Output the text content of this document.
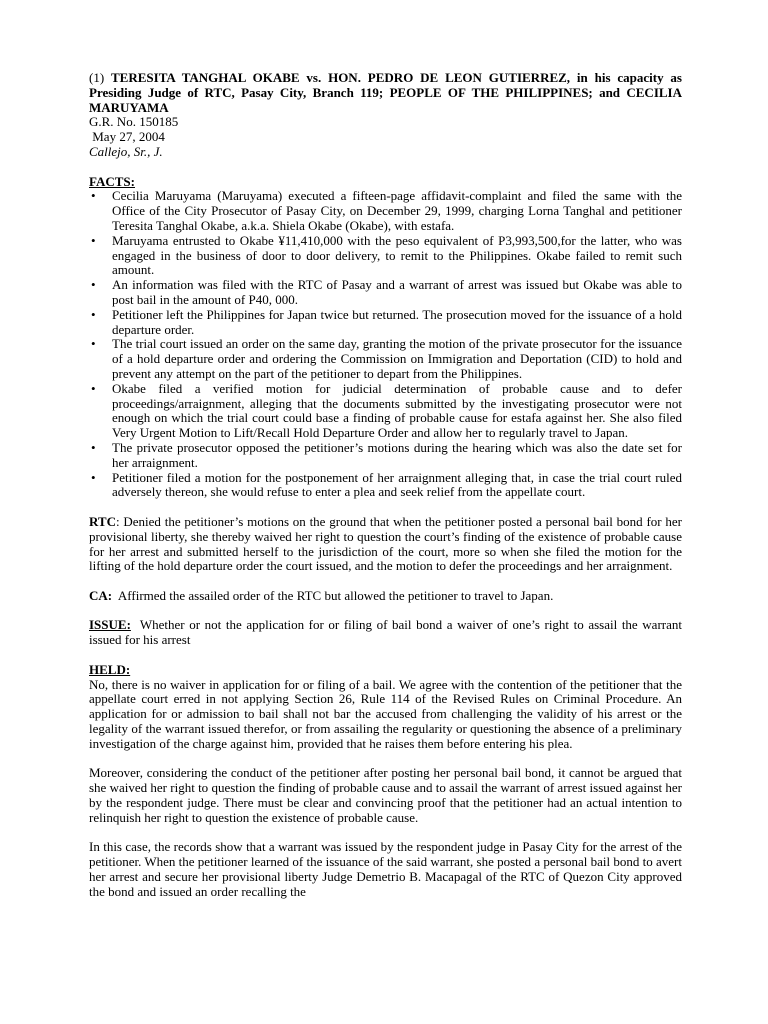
(1) TERESITA TANGHAL OKABE vs. HON. PEDRO DE LEON GUTIERREZ, in his capacity as Presiding Judge of RTC, Pasay City, Branch 119; PEOPLE OF THE PHILIPPINES; and CECILIA MARUYAMA

G.R. No. 150185

May 27, 2004

Callejo, Sr., J.

FACTS:

• Cecilia Maruyama (Maruyama) executed a fifteen-page affidavit-complaint and filed the same with the Office of the City Prosecutor of Pasay City, on December 29, 1999, charging Lorna Tanghal and petitioner Teresita Tanghal Okabe, a.k.a. Shiela Okabe (Okabe), with estafa.
• Maruyama entrusted to Okabe ¥11,410,000 with the peso equivalent of P3,993,500,for the latter, who was engaged in the business of door to door delivery, to remit to the Philippines. Okabe failed to remit such amount.
• An information was filed with the RTC of Pasay and a warrant of arrest was issued but Okabe was able to post bail in the amount of P40, 000.
• Petitioner left the Philippines for Japan twice but returned. The prosecution moved for the issuance of a hold departure order.
• The trial court issued an order on the same day, granting the motion of the private prosecutor for the issuance of a hold departure order and ordering the Commission on Immigration and Deportation (CID) to hold and prevent any attempt on the part of the petitioner to depart from the Philippines.
• Okabe filed a verified motion for judicial determination of probable cause and to defer proceedings/arraignment, alleging that the documents submitted by the investigating prosecutor were not enough on which the trial court could base a finding of probable cause for estafa against her. She also filed Very Urgent Motion to Lift/Recall Hold Departure Order and allow her to regularly travel to Japan.
• The private prosecutor opposed the petitioner’s motions during the hearing which was also the date set for her arraignment.
• Petitioner filed a motion for the postponement of her arraignment alleging that, in case the trial court ruled adversely thereon, she would refuse to enter a plea and seek relief from the appellate court.

RTC: Denied the petitioner’s motions on the ground that when the petitioner posted a personal bail bond for her provisional liberty, she thereby waived her right to question the court’s finding of the existence of probable cause for her arrest and submitted herself to the jurisdiction of the court, more so when she filed the motion for the lifting of the hold departure order the court issued, and the motion to defer the proceedings and her arraignment.

CA:  Affirmed the assailed order of the RTC but allowed the petitioner to travel to Japan.

ISSUE:  Whether or not the application for or filing of bail bond a waiver of one’s right to assail the warrant issued for his arrest

HELD:

No, there is no waiver in application for or filing of a bail. We agree with the contention of the petitioner that the appellate court erred in not applying Section 26, Rule 114 of the Revised Rules on Criminal Procedure. An application for or admission to bail shall not bar the accused from challenging the validity of his arrest or the legality of the warrant issued therefor, or from assailing the regularity or questioning the absence of a preliminary investigation of the charge against him, provided that he raises them before entering his plea.

Moreover, considering the conduct of the petitioner after posting her personal bail bond, it cannot be argued that she waived her right to question the finding of probable cause and to assail the warrant of arrest issued against her by the respondent judge. There must be clear and convincing proof that the petitioner had an actual intention to relinquish her right to question the existence of probable cause.

In this case, the records show that a warrant was issued by the respondent judge in Pasay City for the arrest of the petitioner. When the petitioner learned of the issuance of the said warrant, she posted a personal bail bond to avert her arrest and secure her provisional liberty Judge Demetrio B. Macapagal of the RTC of Quezon City approved the bond and issued an order recalling the
